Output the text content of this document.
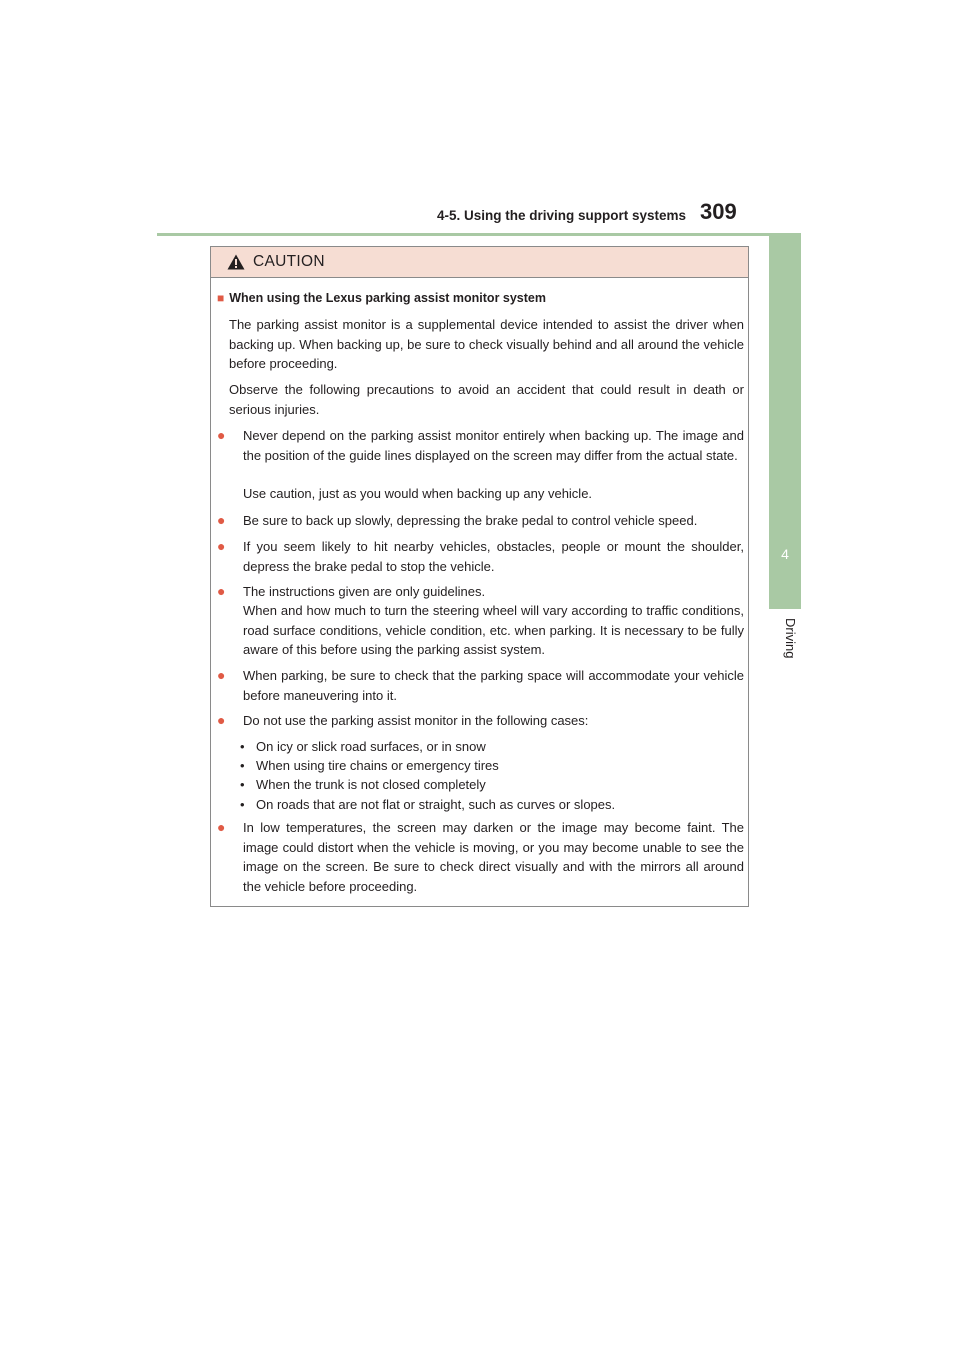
4-5. Using the driving support systems 309
4
Driving
CAUTION
■ When using the Lexus parking assist monitor system
The parking assist monitor is a supplemental device intended to assist the driver when backing up. When backing up, be sure to check visually behind and all around the vehicle before proceeding.
Observe the following precautions to avoid an accident that could result in death or serious injuries.
● Never depend on the parking assist monitor entirely when backing up. The image and the position of the guide lines displayed on the screen may differ from the actual state.
Use caution, just as you would when backing up any vehicle.
● Be sure to back up slowly, depressing the brake pedal to control vehicle speed.
● If you seem likely to hit nearby vehicles, obstacles, people or mount the shoulder, depress the brake pedal to stop the vehicle.
● The instructions given are only guidelines.
When and how much to turn the steering wheel will vary according to traffic conditions, road surface conditions, vehicle condition, etc. when parking. It is necessary to be fully aware of this before using the parking assist system.
● When parking, be sure to check that the parking space will accommodate your vehicle before maneuvering into it.
● Do not use the parking assist monitor in the following cases:
• On icy or slick road surfaces, or in snow
• When using tire chains or emergency tires
• When the trunk is not closed completely
• On roads that are not flat or straight, such as curves or slopes.
● In low temperatures, the screen may darken or the image may become faint. The image could distort when the vehicle is moving, or you may become unable to see the image on the screen. Be sure to check direct visually and with the mirrors all around the vehicle before proceeding.
